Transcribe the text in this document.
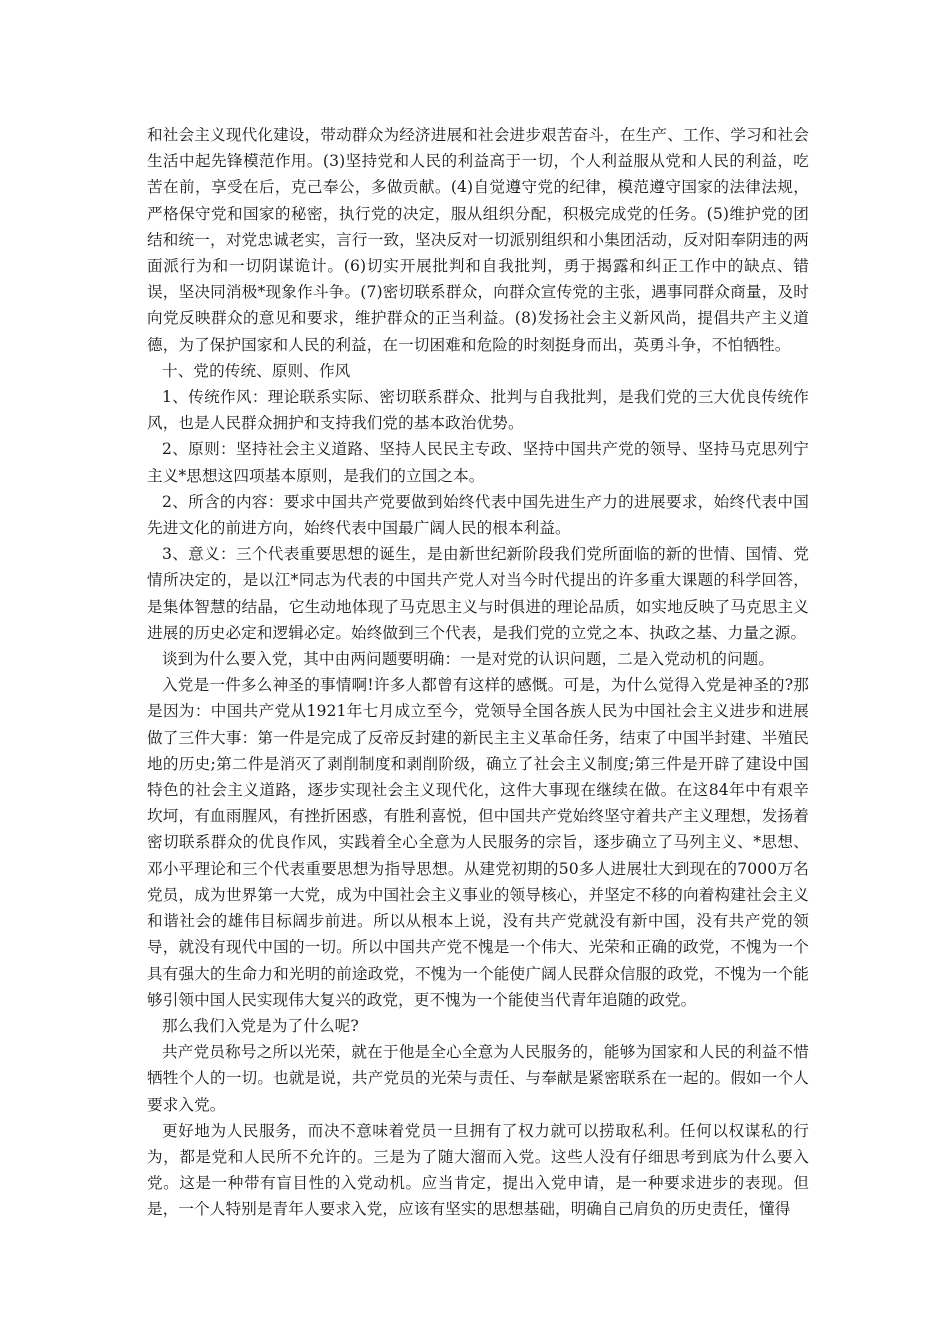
和社会主义现代化建设，带动群众为经济进展和社会进步艰苦奋斗，在生产、工作、学习和社会生活中起先锋模范作用。(3)坚持党和人民的利益高于一切，个人利益服从党和人民的利益，吃苦在前，享受在后，克己奉公，多做贡献。(4)自觉遵守党的纪律，模范遵守国家的法律法规，严格保守党和国家的秘密，执行党的决定，服从组织分配，积极完成党的任务。(5)维护党的团结和统一，对党忠诚老实，言行一致，坚决反对一切派别组织和小集团活动，反对阳奉阴违的两面派行为和一切阴谋诡计。(6)切实开展批判和自我批判，勇于揭露和纠正工作中的缺点、错误，坚决同消极*现象作斗争。(7)密切联系群众，向群众宣传党的主张，遇事同群众商量，及时向党反映群众的意见和要求，维护群众的正当利益。(8)发扬社会主义新风尚，提倡共产主义道德，为了保护国家和人民的利益，在一切困难和危险的时刻挺身而出，英勇斗争，不怕牺牲。

十、党的传统、原则、作风

1、传统作风：理论联系实际、密切联系群众、批判与自我批判，是我们党的三大优良传统作风，也是人民群众拥护和支持我们党的基本政治优势。

2、原则：坚持社会主义道路、坚持人民民主专政、坚持中国共产党的领导、坚持马克思列宁主义*思想这四项基本原则，是我们的立国之本。

2、所含的内容：要求中国共产党要做到始终代表中国先进生产力的进展要求，始终代表中国先进文化的前进方向，始终代表中国最广阔人民的根本利益。

3、意义：三个代表重要思想的诞生，是由新世纪新阶段我们党所面临的新的世情、国情、党情所决定的，是以江*同志为代表的中国共产党人对当今时代提出的许多重大课题的科学回答，是集体智慧的结晶，它生动地体现了马克思主义与时俱进的理论品质，如实地反映了马克思主义进展的历史必定和逻辑必定。始终做到三个代表，是我们党的立党之本、执政之基、力量之源。

谈到为什么要入党，其中由两问题要明确：一是对党的认识问题，二是入党动机的问题。

入党是一件多么神圣的事情啊!许多人都曾有这样的感慨。可是，为什么觉得入党是神圣的?那是因为：中国共产党从1921年七月成立至今，党领导全国各族人民为中国社会主义进步和进展做了三件大事：第一件是完成了反帝反封建的新民主主义革命任务，结束了中国半封建、半殖民地的历史;第二件是消灭了剥削制度和剥削阶级，确立了社会主义制度;第三件是开辟了建设中国特色的社会主义道路，逐步实现社会主义现代化，这件大事现在继续在做。在这84年中有艰辛坎坷，有血雨腥风，有挫折困惑，有胜利喜悦，但中国共产党始终坚守着共产主义理想，发扬着密切联系群众的优良作风，实践着全心全意为人民服务的宗旨，逐步确立了马列主义、*思想、邓小平理论和三个代表重要思想为指导思想。从建党初期的50多人进展壮大到现在的7000万名党员，成为世界第一大党，成为中国社会主义事业的领导核心，并坚定不移的向着构建社会主义和谐社会的雄伟目标阔步前进。所以从根本上说，没有共产党就没有新中国，没有共产党的领导，就没有现代中国的一切。所以中国共产党不愧是一个伟大、光荣和正确的政党，不愧为一个具有强大的生命力和光明的前途政党，不愧为一个能使广阔人民群众信服的政党，不愧为一个能够引领中国人民实现伟大复兴的政党，更不愧为一个能使当代青年追随的政党。

那么我们入党是为了什么呢?

共产党员称号之所以光荣，就在于他是全心全意为人民服务的，能够为国家和人民的利益不惜牺牲个人的一切。也就是说，共产党员的光荣与责任、与奉献是紧密联系在一起的。假如一个人要求入党。

更好地为人民服务，而决不意味着党员一旦拥有了权力就可以捞取私利。任何以权谋私的行为，都是党和人民所不允许的。三是为了随大溜而入党。这些人没有仔细思考到底为什么要入党。这是一种带有盲目性的入党动机。应当肯定，提出入党申请，是一种要求进步的表现。但是，一个人特别是青年人要求入党，应该有坚实的思想基础，明确自己肩负的历史责任，懂得
